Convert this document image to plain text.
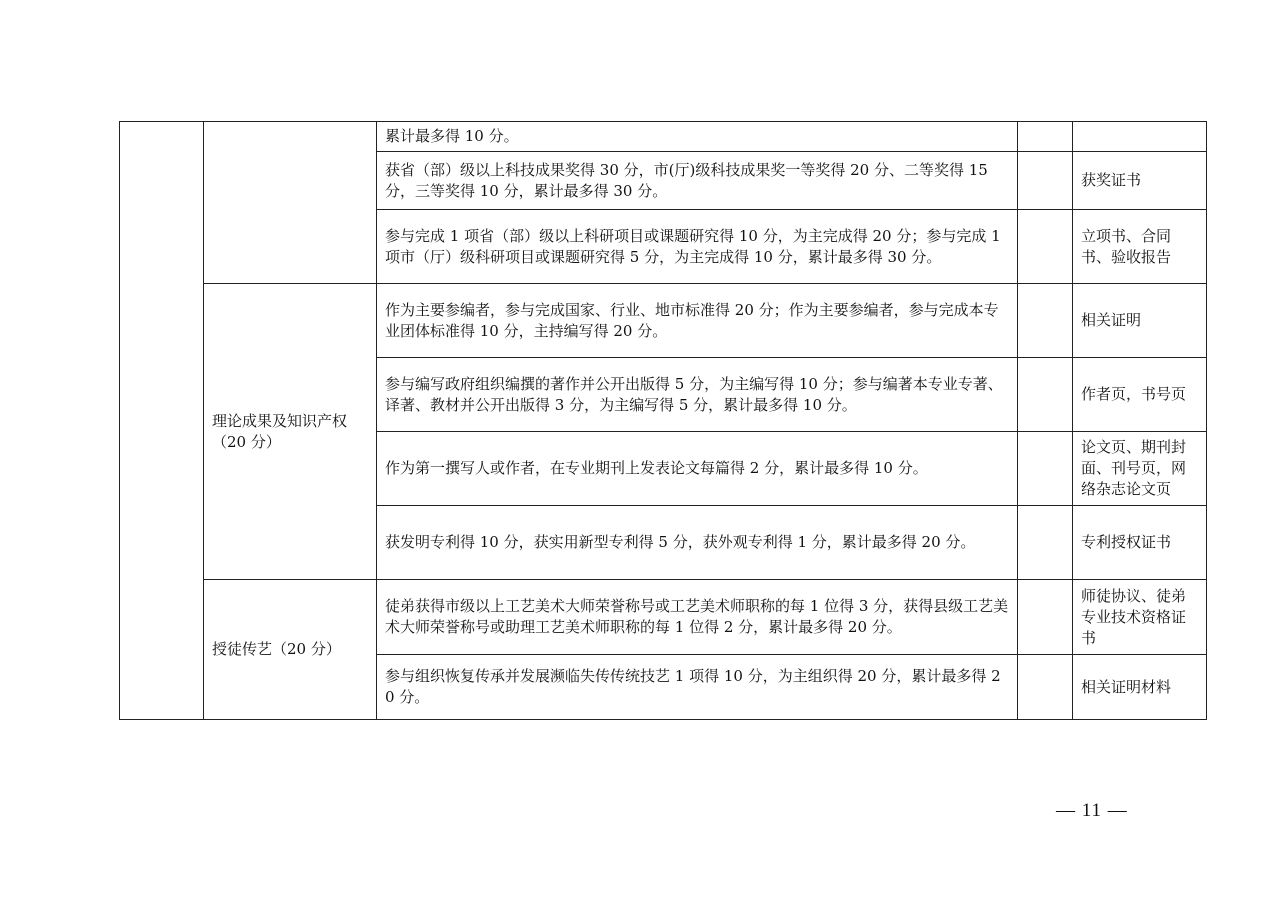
		累计最多得 10 分。		
		获省（部）级以上科技成果奖得 30 分，市(厅)级科技成果奖一等奖得 20 分、二等奖得 15 分，三等奖得 10 分，累计最多得 30 分。		获奖证书
		参与完成 1 项省（部）级以上科研项目或课题研究得 10 分，为主完成得 20 分；参与完成 1 项市（厅）级科研项目或课题研究得 5 分，为主完成得 10 分，累计最多得 30 分。		立项书、合同书、验收报告
	理论成果及知识产权（20 分）	作为主要参编者，参与完成国家、行业、地市标准得 20 分；作为主要参编者，参与完成本专业团体标准得 10 分，主持编写得 20 分。		相关证明
		参与编写政府组织编撰的著作并公开出版得 5 分，为主编写得 10 分；参与编著本专业专著、译著、教材并公开出版得 3 分，为主编写得 5 分，累计最多得 10 分。		作者页，书号页
		作为第一撰写人或作者，在专业期刊上发表论文每篇得 2 分，累计最多得 10 分。		论文页、期刊封面、刊号页，网络杂志论文页
		获发明专利得 10 分，获实用新型专利得 5 分，获外观专利得 1 分，累计最多得 20 分。		专利授权证书
	授徒传艺（20 分）	徒弟获得市级以上工艺美术大师荣誉称号或工艺美术师职称的每 1 位得 3 分，获得县级工艺美术大师荣誉称号或助理工艺美术师职称的每 1 位得 2 分，累计最多得 20 分。		师徒协议、徒弟专业技术资格证书
		参与组织恢复传承并发展濒临失传传统技艺 1 项得 10 分，为主组织得 20 分，累计最多得 20 分。		相关证明材料
— 11 —
